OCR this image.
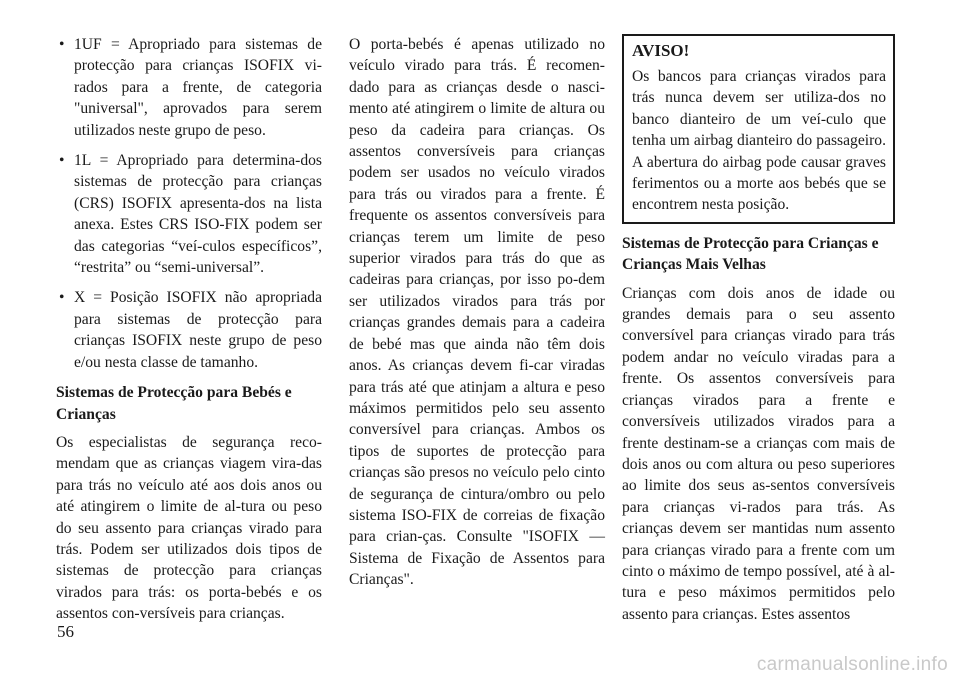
• 1UF = Apropriado para sistemas de protecção para crianças ISOFIX vi-rados para a frente, de categoria "universal", aprovados para serem utilizados neste grupo de peso.
• 1L = Apropriado para determina-dos sistemas de protecção para crianças (CRS) ISOFIX apresenta-dos na lista anexa. Estes CRS ISO-FIX podem ser das categorias “veí-culos específicos”, “restrita” ou “semi-universal”.
• X = Posição ISOFIX não apropriada para sistemas de protecção para crianças ISOFIX neste grupo de peso e/ou nesta classe de tamanho.

Sistemas de Protecção para Bebés e Crianças

Os especialistas de segurança reco-mendam que as crianças viagem vira-das para trás no veículo até aos dois anos ou até atingirem o limite de al-tura ou peso do seu assento para crianças virado para trás. Podem ser utilizados dois tipos de sistemas de protecção para crianças virados para trás: os porta-bebés e os assentos con-versíveis para crianças.

O porta-bebés é apenas utilizado no veículo virado para trás. É recomen-dado para as crianças desde o nasci-mento até atingirem o limite de altura ou peso da cadeira para crianças. Os assentos conversíveis para crianças podem ser usados no veículo virados para trás ou virados para a frente. É frequente os assentos conversíveis para crianças terem um limite de peso superior virados para trás do que as cadeiras para crianças, por isso po-dem ser utilizados virados para trás por crianças grandes demais para a cadeira de bebé mas que ainda não têm dois anos. As crianças devem fi-car viradas para trás até que atinjam a altura e peso máximos permitidos pelo seu assento conversível para crianças. Ambos os tipos de suportes de protecção para crianças são presos no veículo pelo cinto de segurança de cintura/ombro ou pelo sistema ISO-FIX de correias de fixação para crian-ças. Consulte "ISOFIX — Sistema de Fixação de Assentos para Crianças".

AVISO!

Os bancos para crianças virados para trás nunca devem ser utiliza-dos no banco dianteiro de um veí-culo que tenha um airbag dianteiro do passageiro. A abertura do airbag pode causar graves ferimentos ou a morte aos bebés que se encontrem nesta posição.

Sistemas de Protecção para Crianças e Crianças Mais Velhas

Crianças com dois anos de idade ou grandes demais para o seu assento conversível para crianças virado para trás podem andar no veículo viradas para a frente. Os assentos conversíveis para crianças virados para a frente e conversíveis utilizados virados para a frente destinam-se a crianças com mais de dois anos ou com altura ou peso superiores ao limite dos seus as-sentos conversíveis para crianças vi-rados para trás. As crianças devem ser mantidas num assento para crianças virado para a frente com um cinto o máximo de tempo possível, até à al-tura e peso máximos permitidos pelo assento para crianças. Estes assentos

56
carmanualsonline.info
